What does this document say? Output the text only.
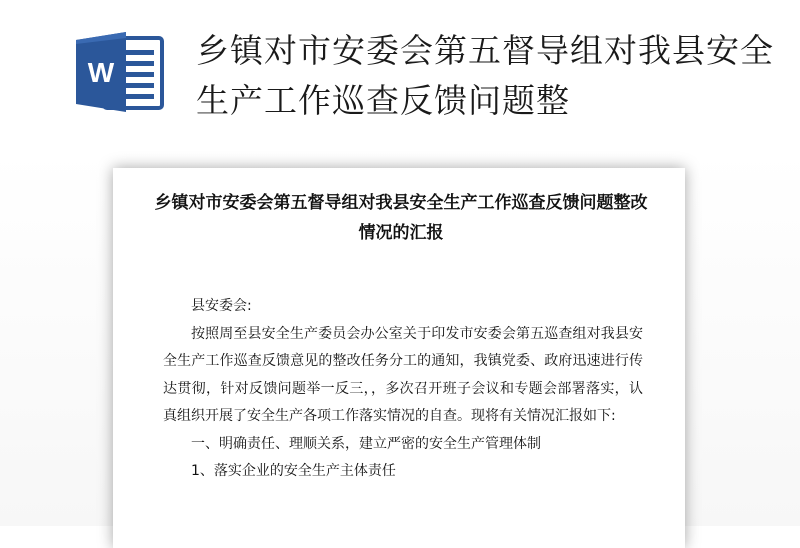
W
乡镇对市安委会第五督导组对我县安全生产工作巡查反馈问题整
乡镇对市安委会第五督导组对我县安全生产工作巡查反馈问题整改情况的汇报

县安委会:

按照周至县安全生产委员会办公室关于印发市安委会第五巡查组对我县安全生产工作巡查反馈意见的整改任务分工的通知，我镇党委、政府迅速进行传达贯彻，针对反馈问题举一反三，，多次召开班子会议和专题会部署落实，认真组织开展了安全生产各项工作落实情况的自查。现将有关情况汇报如下:

一、明确责任、理顺关系，建立严密的安全生产管理体制

1、落实企业的安全生产主体责任
